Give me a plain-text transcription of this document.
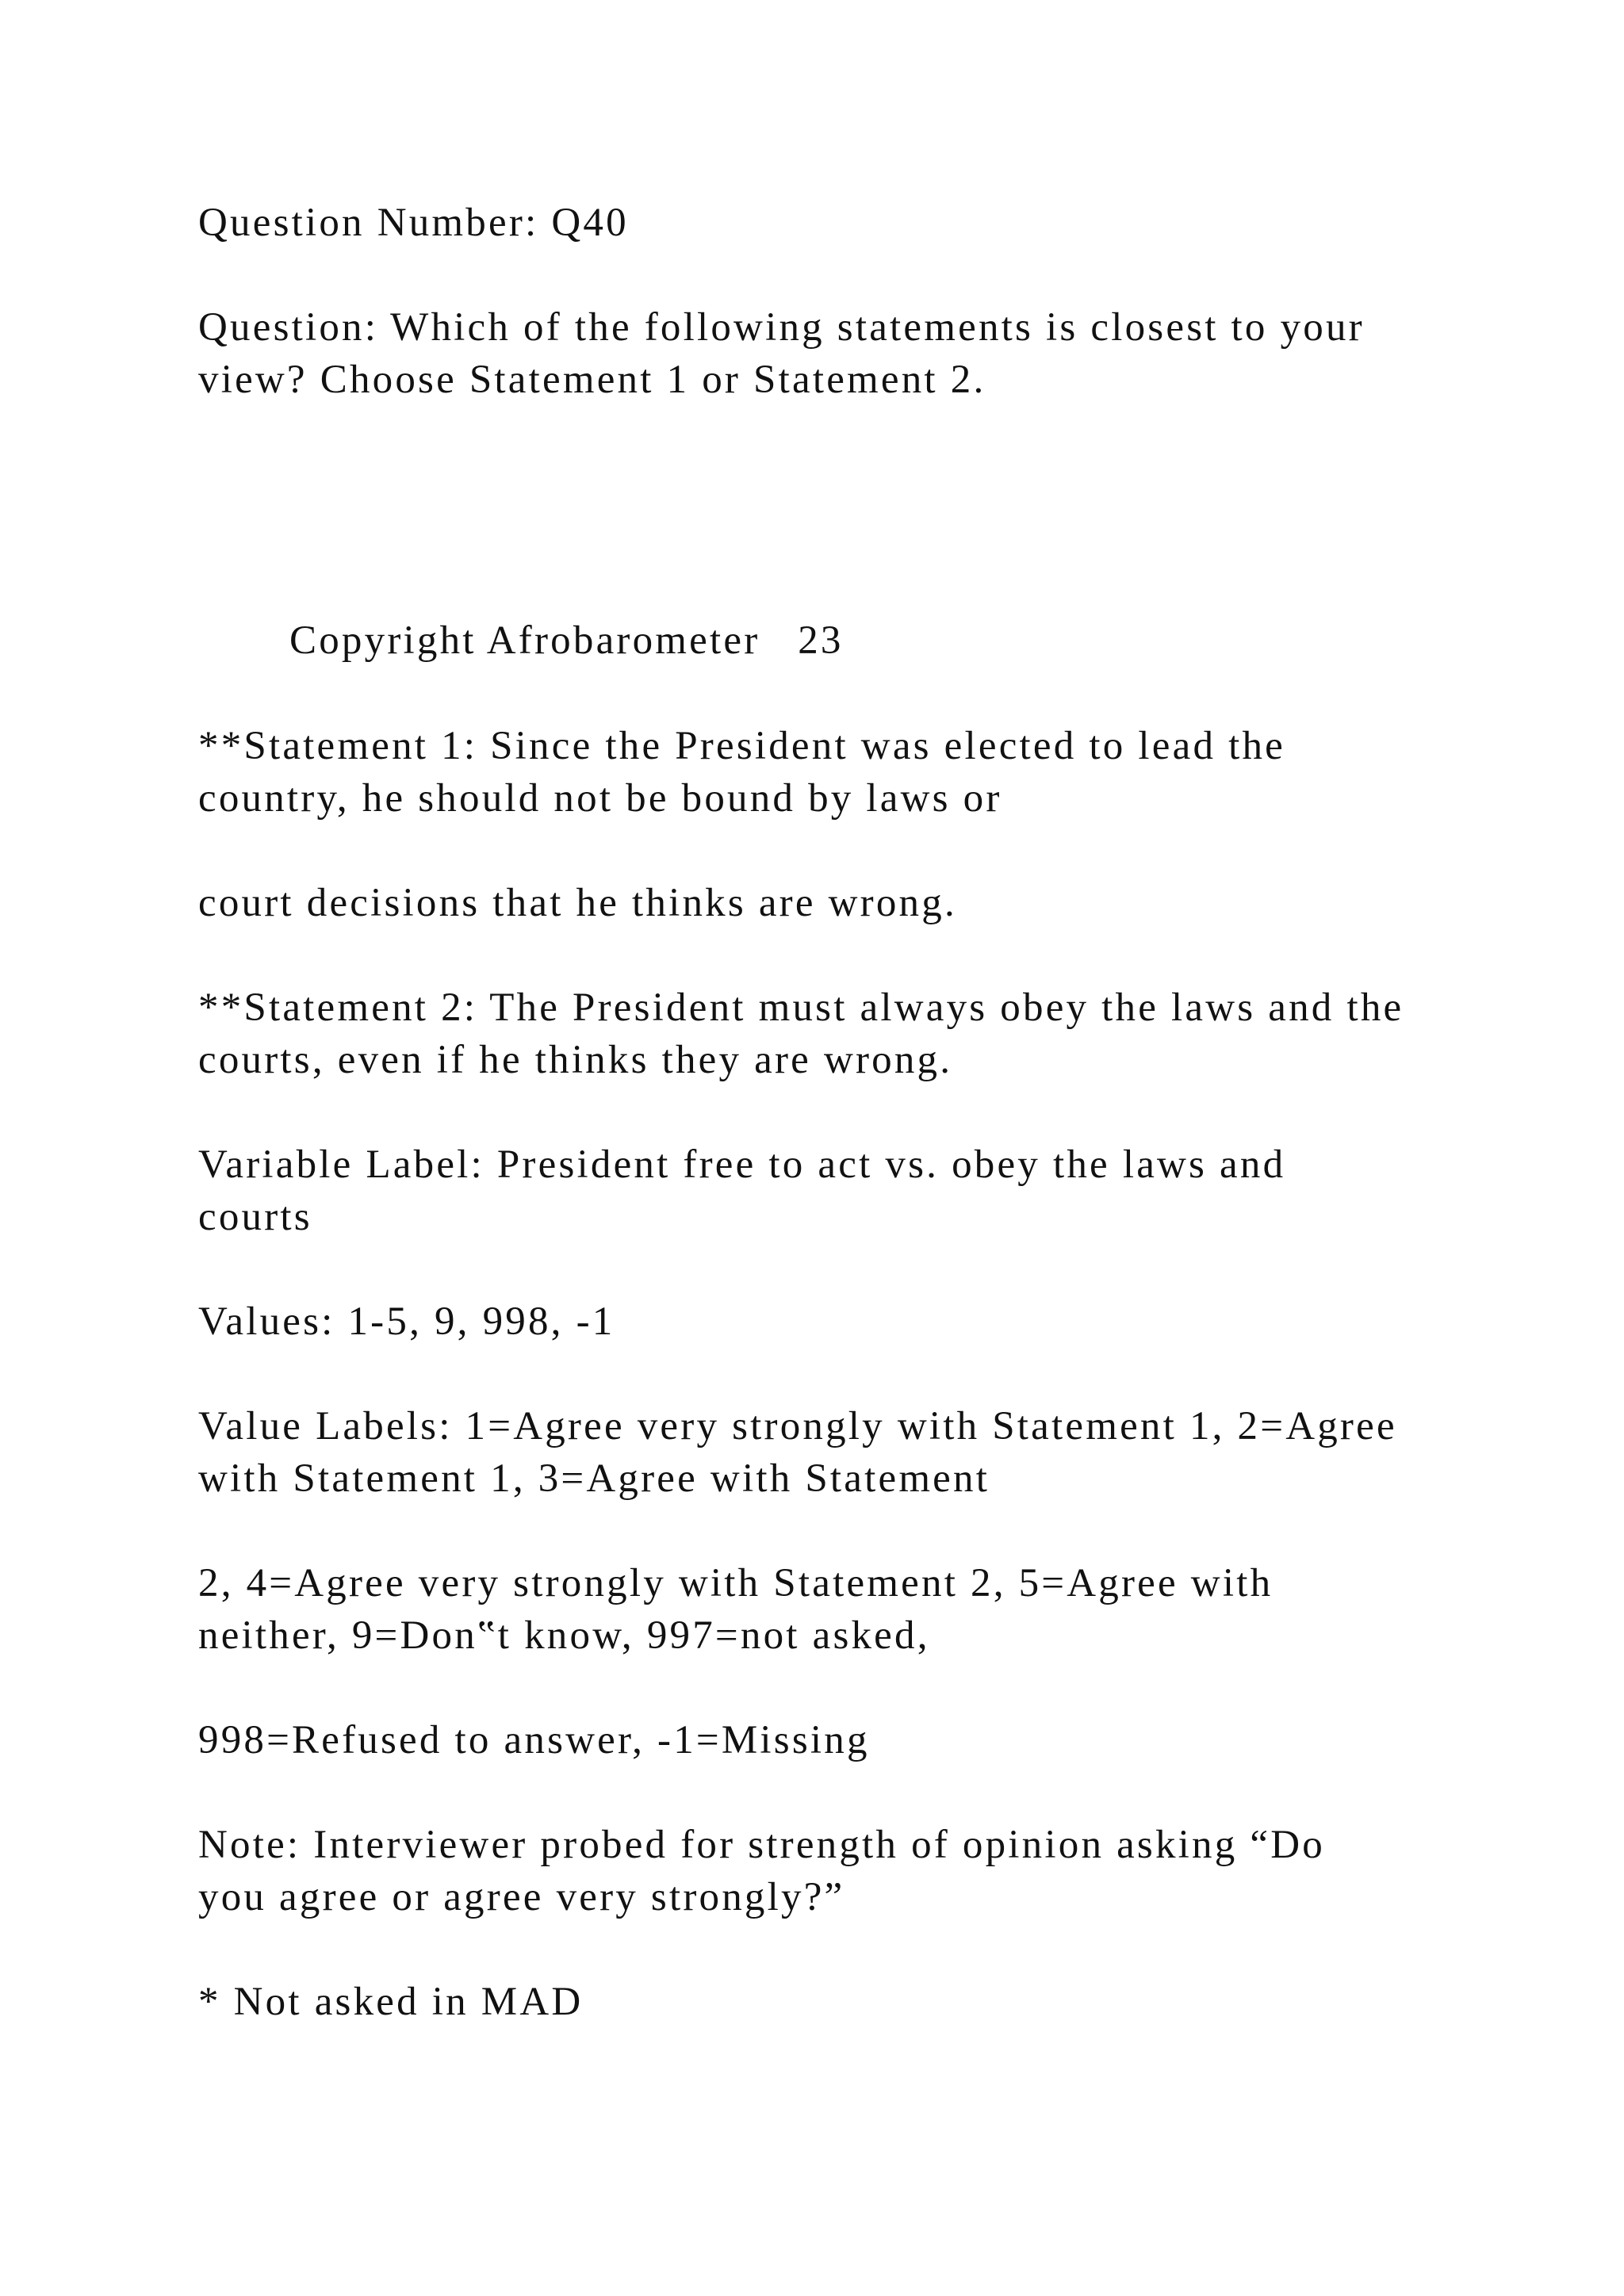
Question Number: Q40

Question: Which of the following statements is closest to your

view? Choose Statement 1 or Statement 2.

Copyright Afrobarometer   23

**Statement 1: Since the President was elected to lead the

country, he should not be bound by laws or

court decisions that he thinks are wrong.

**Statement 2: The President must always obey the laws and the

courts, even if he thinks they are wrong.

Variable Label: President free to act vs. obey the laws and

courts

Values: 1-5, 9, 998, -1

Value Labels: 1=Agree very strongly with Statement 1, 2=Agree

with Statement 1, 3=Agree with Statement

2, 4=Agree very strongly with Statement 2, 5=Agree with

neither, 9=Don‟t know, 997=not asked,

998=Refused to answer, -1=Missing

Note: Interviewer probed for strength of opinion asking “Do

you agree or agree very strongly?”

* Not asked in MAD
